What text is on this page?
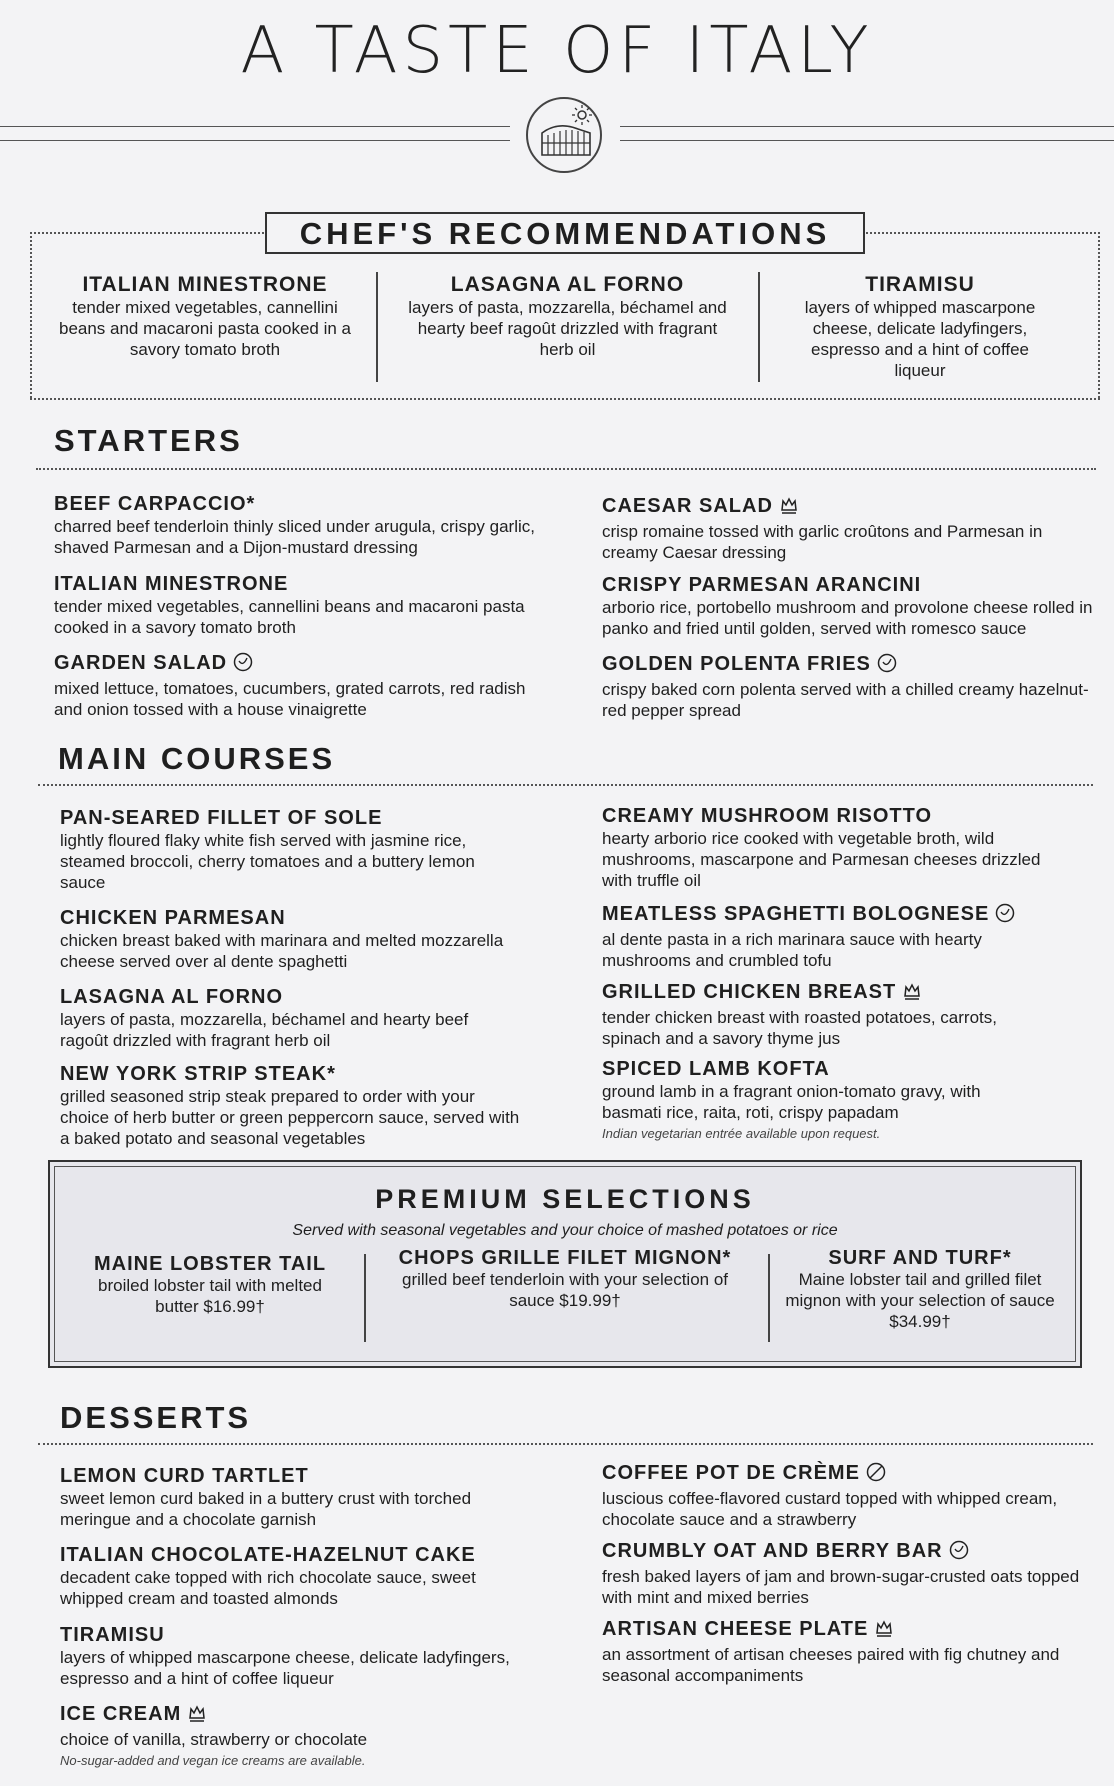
A TASTE OF ITALY
CHEF'S RECOMMENDATIONS
ITALIAN MINESTRONE
tender mixed vegetables, cannellini beans and macaroni pasta cooked in a savory tomato broth
LASAGNA AL FORNO
layers of pasta, mozzarella, béchamel and hearty beef ragoût drizzled with fragrant herb oil
TIRAMISU
layers of whipped mascarpone cheese, delicate ladyfingers, espresso and a hint of coffee liqueur
STARTERS
BEEF CARPACCIO*
charred beef tenderloin thinly sliced under arugula, crispy garlic, shaved Parmesan and a Dijon-mustard dressing
ITALIAN MINESTRONE
tender mixed vegetables, cannellini beans and macaroni pasta cooked in a savory tomato broth
GARDEN SALAD
mixed lettuce, tomatoes, cucumbers, grated carrots, red radish and onion tossed with a house vinaigrette
CAESAR SALAD
crisp romaine tossed with garlic croûtons and Parmesan in creamy Caesar dressing
CRISPY PARMESAN ARANCINI
arborio rice, portobello mushroom and provolone cheese rolled in panko and fried until golden, served with romesco sauce
GOLDEN POLENTA FRIES
crispy baked corn polenta served with a chilled creamy hazelnut-red pepper spread
MAIN COURSES
PAN-SEARED FILLET OF SOLE
lightly floured flaky white fish served with jasmine rice, steamed broccoli, cherry tomatoes and a buttery lemon sauce
CHICKEN PARMESAN
chicken breast baked with marinara and melted mozzarella cheese served over al dente spaghetti
LASAGNA AL FORNO
layers of pasta, mozzarella, béchamel and hearty beef ragoût drizzled with fragrant herb oil
NEW YORK STRIP STEAK*
grilled seasoned strip steak prepared to order with your choice of herb butter or green peppercorn sauce, served with a baked potato and seasonal vegetables
CREAMY MUSHROOM RISOTTO
hearty arborio rice cooked with vegetable broth, wild mushrooms, mascarpone and Parmesan cheeses drizzled with truffle oil
MEATLESS SPAGHETTI BOLOGNESE
al dente pasta in a rich marinara sauce with hearty mushrooms and crumbled tofu
GRILLED CHICKEN BREAST
tender chicken breast with roasted potatoes, carrots, spinach and a savory thyme jus
SPICED LAMB KOFTA
ground lamb in a fragrant onion-tomato gravy, with basmati rice, raita, roti, crispy papadam
Indian vegetarian entrée available upon request.
PREMIUM SELECTIONS
Served with seasonal vegetables and your choice of mashed potatoes or rice
MAINE LOBSTER TAIL
broiled lobster tail with melted butter $16.99†
CHOPS GRILLE FILET MIGNON*
grilled beef tenderloin with your selection of sauce $19.99†
SURF AND TURF*
Maine lobster tail and grilled filet mignon with your selection of sauce $34.99†
DESSERTS
LEMON CURD TARTLET
sweet lemon curd baked in a buttery crust with torched meringue and a chocolate garnish
ITALIAN CHOCOLATE-HAZELNUT CAKE
decadent cake topped with rich chocolate sauce, sweet whipped cream and toasted almonds
TIRAMISU
layers of whipped mascarpone cheese, delicate ladyfingers, espresso and a hint of coffee liqueur
ICE CREAM
choice of vanilla, strawberry or chocolate
No-sugar-added and vegan ice creams are available.
COFFEE POT DE CRÈME
luscious coffee-flavored custard topped with whipped cream, chocolate sauce and a strawberry
CRUMBLY OAT AND BERRY BAR
fresh baked layers of jam and brown-sugar-crusted oats topped with mint and mixed berries
ARTISAN CHEESE PLATE
an assortment of artisan cheeses paired with fig chutney and seasonal accompaniments
